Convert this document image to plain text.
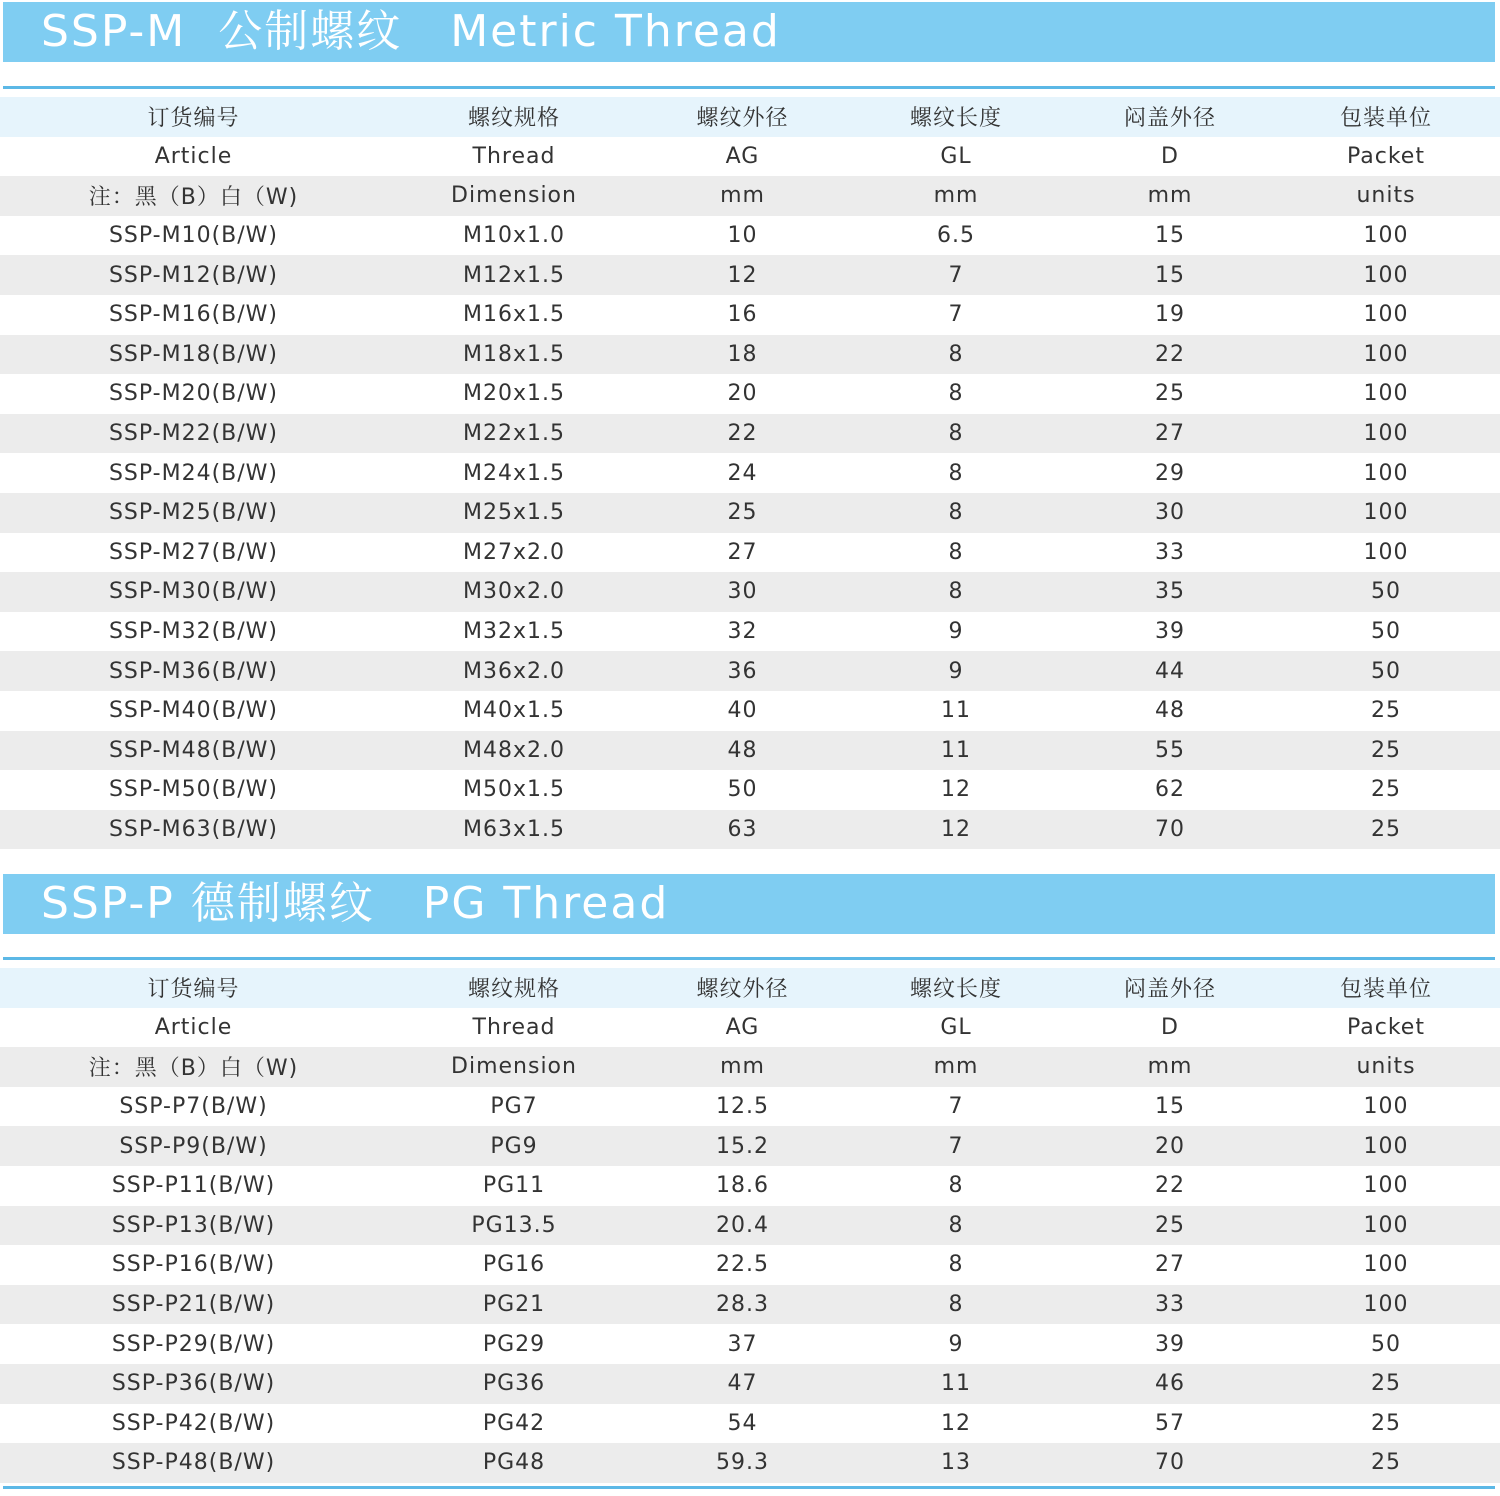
SSP-M  公制螺纹   Metric Thread
订货编号	螺纹规格	螺纹外径	螺纹长度	闷盖外径	包装单位
Article	Thread	AG	GL	D	Packet
注：黑（B）白（W)	Dimension	mm	mm	mm	units
SSP-M10(B/W)	M10x1.0	10	6.5	15	100
SSP-M12(B/W)	M12x1.5	12	7	15	100
SSP-M16(B/W)	M16x1.5	16	7	19	100
SSP-M18(B/W)	M18x1.5	18	8	22	100
SSP-M20(B/W)	M20x1.5	20	8	25	100
SSP-M22(B/W)	M22x1.5	22	8	27	100
SSP-M24(B/W)	M24x1.5	24	8	29	100
SSP-M25(B/W)	M25x1.5	25	8	30	100
SSP-M27(B/W)	M27x2.0	27	8	33	100
SSP-M30(B/W)	M30x2.0	30	8	35	50
SSP-M32(B/W)	M32x1.5	32	9	39	50
SSP-M36(B/W)	M36x2.0	36	9	44	50
SSP-M40(B/W)	M40x1.5	40	11	48	25
SSP-M48(B/W)	M48x2.0	48	11	55	25
SSP-M50(B/W)	M50x1.5	50	12	62	25
SSP-M63(B/W)	M63x1.5	63	12	70	25
SSP-P 德制螺纹   PG Thread
订货编号	螺纹规格	螺纹外径	螺纹长度	闷盖外径	包装单位
Article	Thread	AG	GL	D	Packet
注：黑（B）白（W)	Dimension	mm	mm	mm	units
SSP-P7(B/W)	PG7	12.5	7	15	100
SSP-P9(B/W)	PG9	15.2	7	20	100
SSP-P11(B/W)	PG11	18.6	8	22	100
SSP-P13(B/W)	PG13.5	20.4	8	25	100
SSP-P16(B/W)	PG16	22.5	8	27	100
SSP-P21(B/W)	PG21	28.3	8	33	100
SSP-P29(B/W)	PG29	37	9	39	50
SSP-P36(B/W)	PG36	47	11	46	25
SSP-P42(B/W)	PG42	54	12	57	25
SSP-P48(B/W)	PG48	59.3	13	70	25
